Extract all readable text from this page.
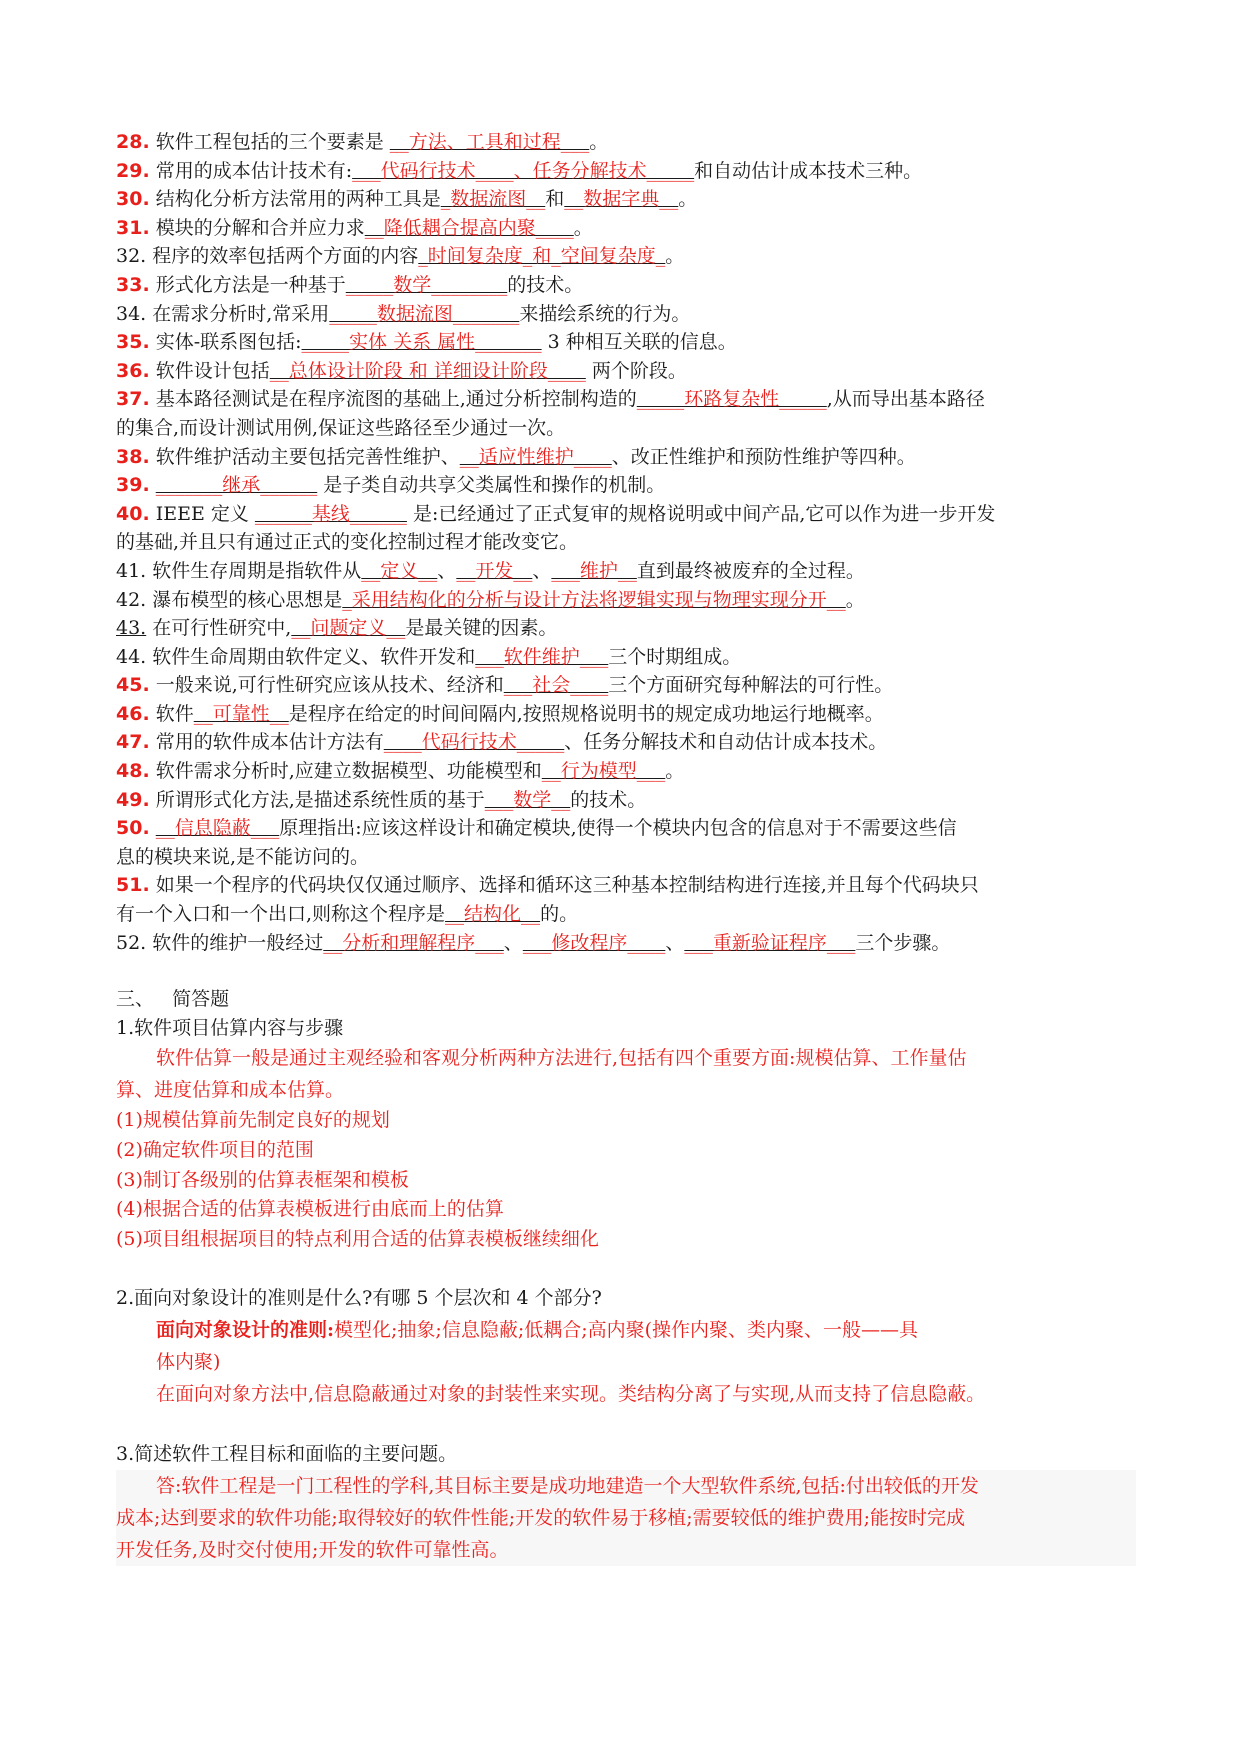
28. 软件工程包括的三个要素是 __方法、工具和过程___。
29. 常用的成本估计技术有:___代码行技术____、任务分解技术_____和自动估计成本技术三种。
30. 结构化分析方法常用的两种工具是_数据流图__和__数据字典__。
31. 模块的分解和合并应力求__降低耦合提高内聚____。
32. 程序的效率包括两个方面的内容_时间复杂度_和_空间复杂度_。
33. 形式化方法是一种基于_____数学________的技术。
34. 在需求分析时,常采用_____数据流图_______来描绘系统的行为。
35. 实体-联系图包括:_____实体 关系 属性_______ 3 种相互关联的信息。
36. 软件设计包括__总体设计阶段 和 详细设计阶段____ 两个阶段。
37. 基本路径测试是在程序流图的基础上,通过分析控制构造的_____环路复杂性_____,从而导出基本路径
的集合,而设计测试用例,保证这些路径至少通过一次。
38. 软件维护活动主要包括完善性维护、__适应性维护____、改正性维护和预防性维护等四种。
39. _______继承______ 是子类自动共享父类属性和操作的机制。
40. IEEE 定义 ______基线______ 是:已经通过了正式复审的规格说明或中间产品,它可以作为进一步开发
的基础,并且只有通过正式的变化控制过程才能改变它。
41. 软件生存周期是指软件从__定义__、__开发__、___维护__直到最终被废弃的全过程。
42. 瀑布模型的核心思想是_采用结构化的分析与设计方法将逻辑实现与物理实现分开__。
43. 在可行性研究中,__问题定义__是最关键的因素。
44. 软件生命周期由软件定义、软件开发和___软件维护___三个时期组成。
45. 一般来说,可行性研究应该从技术、经济和___社会____三个方面研究每种解法的可行性。
46. 软件__可靠性__是程序在给定的时间间隔内,按照规格说明书的规定成功地运行地概率。
47. 常用的软件成本估计方法有____代码行技术_____、任务分解技术和自动估计成本技术。
48. 软件需求分析时,应建立数据模型、功能模型和__行为模型___。
49. 所谓形式化方法,是描述系统性质的基于___数学__的技术。
50. __信息隐蔽___原理指出:应该这样设计和确定模块,使得一个模块内包含的信息对于不需要这些信
息的模块来说,是不能访问的。
51. 如果一个程序的代码块仅仅通过顺序、选择和循环这三种基本控制结构进行连接,并且每个代码块只
有一个入口和一个出口,则称这个程序是__结构化__的。
52. 软件的维护一般经过__分析和理解程序___、___修改程序____、___重新验证程序___三个步骤。
三、   简答题
1.软件项目估算内容与步骤
软件估算一般是通过主观经验和客观分析两种方法进行,包括有四个重要方面:规模估算、工作量估
算、进度估算和成本估算。
(1)规模估算前先制定良好的规划
(2)确定软件项目的范围
(3)制订各级别的估算表框架和模板
(4)根据合适的估算表模板进行由底而上的估算
(5)项目组根据项目的特点利用合适的估算表模板继续细化
2.面向对象设计的准则是什么?有哪 5 个层次和 4 个部分?
面向对象设计的准则:模型化;抽象;信息隐蔽;低耦合;高内聚(操作内聚、类内聚、一般——具
体内聚)
在面向对象方法中,信息隐蔽通过对象的封装性来实现。类结构分离了与实现,从而支持了信息隐蔽。
3.简述软件工程目标和面临的主要问题。
答:软件工程是一门工程性的学科,其目标主要是成功地建造一个大型软件系统,包括:付出较低的开发
成本;达到要求的软件功能;取得较好的软件性能;开发的软件易于移植;需要较低的维护费用;能按时完成
开发任务,及时交付使用;开发的软件可靠性高。
